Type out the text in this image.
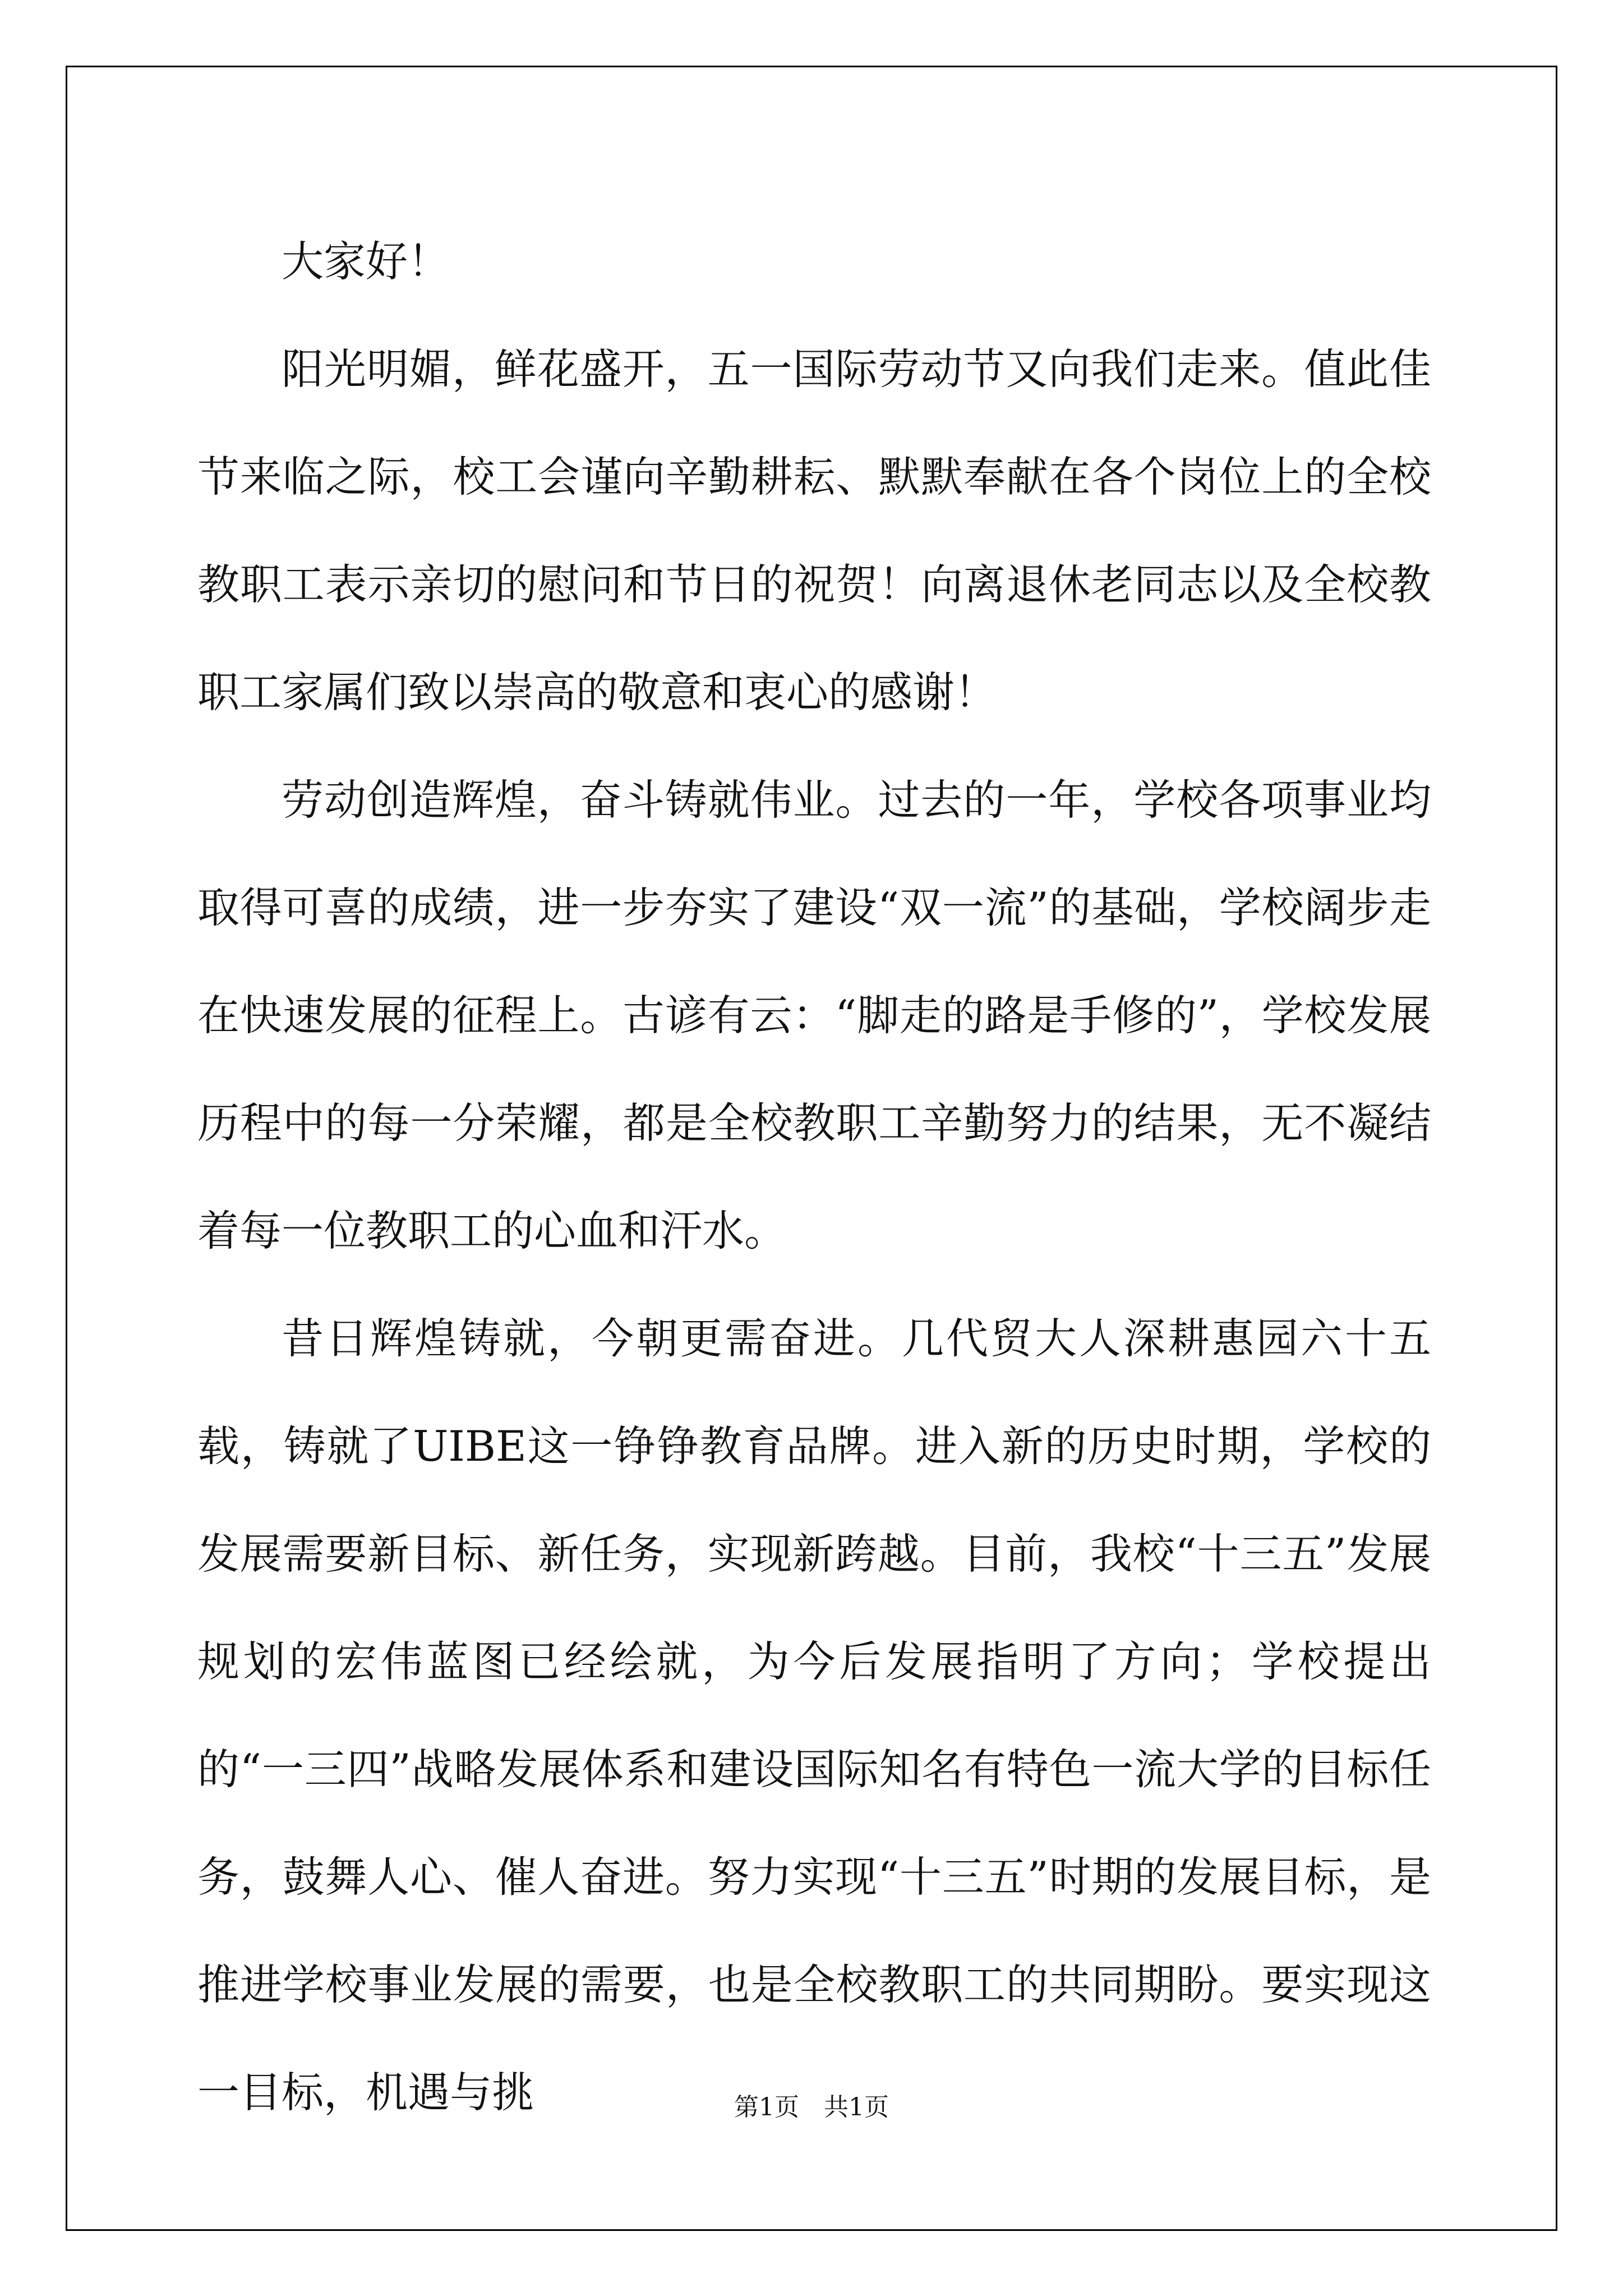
大家好！

阳光明媚，鲜花盛开，五一国际劳动节又向我们走来。值此佳节来临之际，校工会谨向辛勤耕耘、默默奉献在各个岗位上的全校教职工表示亲切的慰问和节日的祝贺！向离退休老同志以及全校教职工家属们致以崇高的敬意和衷心的感谢！

劳动创造辉煌，奋斗铸就伟业。过去的一年，学校各项事业均取得可喜的成绩，进一步夯实了建设“双一流”的基础，学校阔步走在快速发展的征程上。古谚有云：“脚走的路是手修的”，学校发展历程中的每一分荣耀，都是全校教职工辛勤努力的结果，无不凝结着每一位教职工的心血和汗水。

昔日辉煌铸就，今朝更需奋进。几代贸大人深耕惠园六十五载，铸就了UIBE这一铮铮教育品牌。进入新的历史时期，学校的发展需要新目标、新任务，实现新跨越。目前，我校“十三五”发展规划的宏伟蓝图已经绘就，为今后发展指明了方向；学校提出的“一三四”战略发展体系和建设国际知名有特色一流大学的目标任务，鼓舞人心、催人奋进。努力实现“十三五”时期的发展目标，是推进学校事业发展的需要，也是全校教职工的共同期盼。要实现这一目标，机遇与挑	第1页　共1页
